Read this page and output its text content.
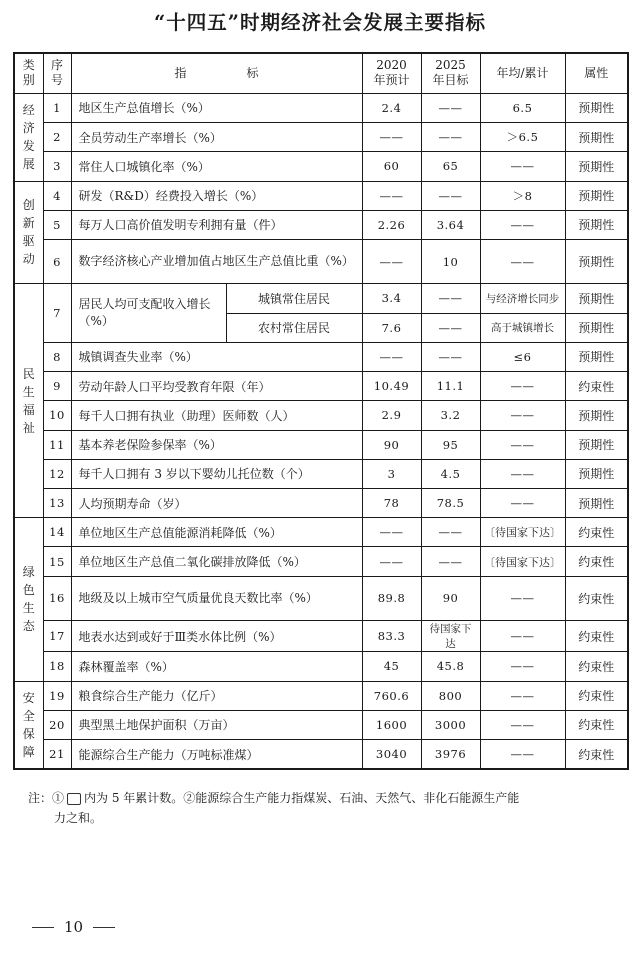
“十四五”时期经济社会发展主要指标
类别	序号	指　　　　　标		2020 年预计	2025 年目标	年均/累计	属性

经
济
发
展	1	地区生产总值增长（%）		2.4	——	6.5	预期性
	2	全员劳动生产率增长（%）		——	——	＞6.5	预期性
	3	常住人口城镇化率（%）		60	65	——	预期性

创
新
驱
动	4	研发（R&D）经费投入增长（%）		——	——	＞8	预期性
	5	每万人口高价值发明专利拥有量（件）		2.26	3.64	——	预期性
	6	数字经济核心产业增加值占地区生产总值比重（%）		——	10	——	预期性

民
生
福
祉	7	居民人均可支配收入增长（%）	城镇常住居民	3.4	——	与经济增长同步	预期性
			农村常住居民	7.6	——	高于城镇增长	预期性
	8	城镇调查失业率（%）		——	——	≤6	预期性
	9	劳动年龄人口平均受教育年限（年）		10.49	11.1	——	约束性
	10	每千人口拥有执业（助理）医师数（人）		2.9	3.2	——	预期性
	11	基本养老保险参保率（%）		90	95	——	预期性
	12	每千人口拥有 3 岁以下婴幼儿托位数（个）		3	4.5	——	预期性
	13	人均预期寿命（岁）		78	78.5	——	预期性

绿
色
生
态	14	单位地区生产总值能源消耗降低（%）		——	——	〔待国家下达〕	约束性
	15	单位地区生产总值二氧化碳排放降低（%）		——	——	〔待国家下达〕	约束性
	16	地级及以上城市空气质量优良天数比率（%）		89.8	90	——	约束性
	17	地表水达到或好于Ⅲ类水体比例（%）		83.3	待国家下达	——	约束性
	18	森林覆盖率（%）		45	45.8	——	约束性

安
全
保
障	19	粮食综合生产能力（亿斤）		760.6	800	——	约束性
	20	典型黑土地保护面积（万亩）		1600	3000	——	约束性
	21	能源综合生产能力（万吨标准煤）		3040	3976	——	约束性
注：① 内为 5 年累计数。②能源综合生产能力指煤炭、石油、天然气、非化石能源生产能
力之和。
10
